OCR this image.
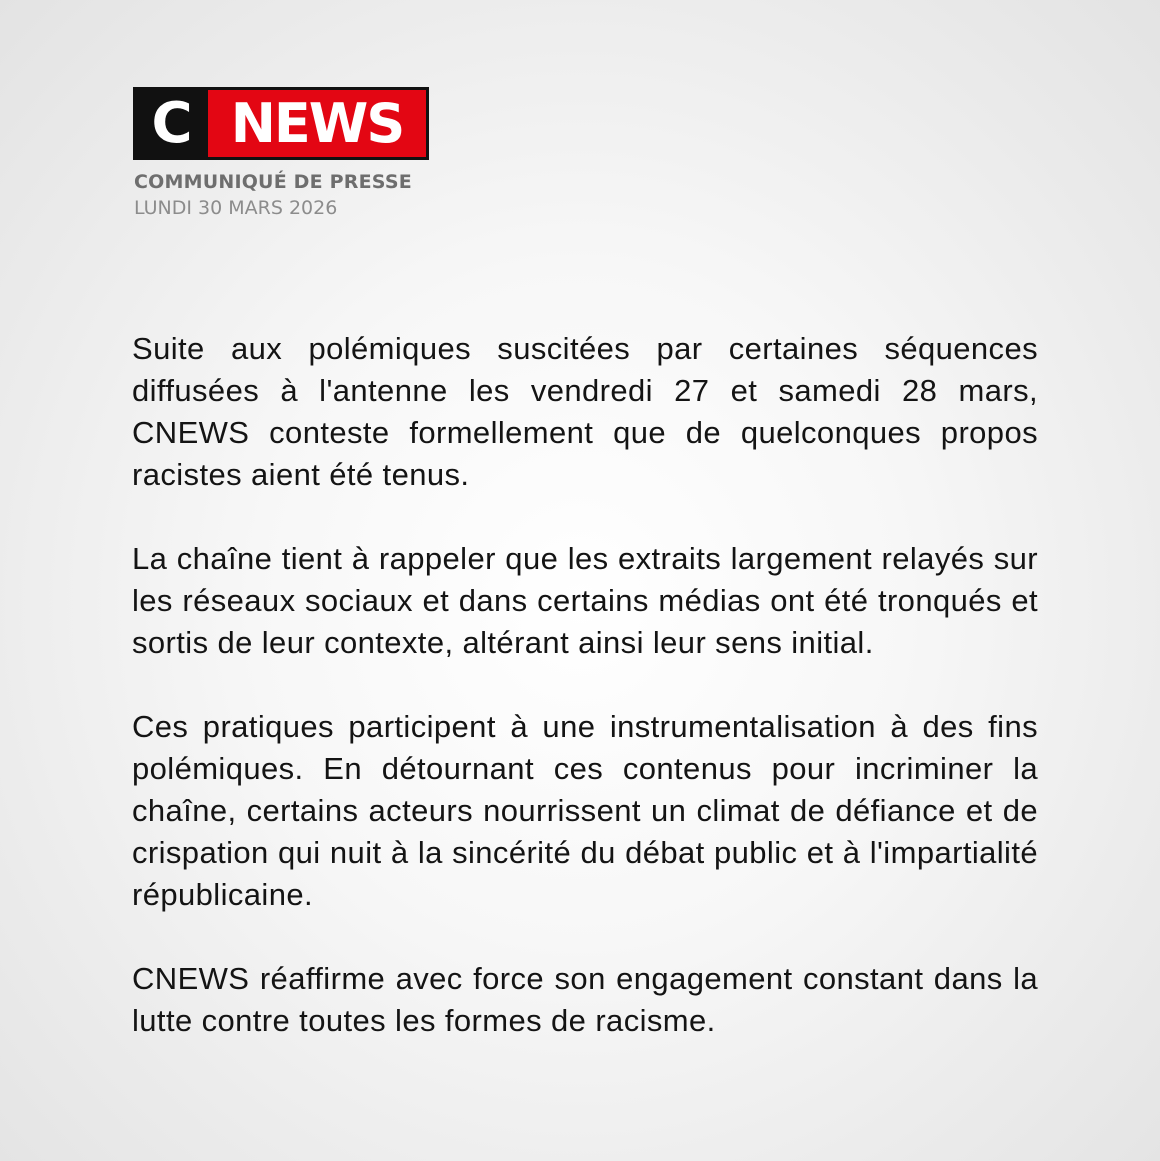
C NEWS
COMMUNIQUÉ DE PRESSE
LUNDI 30 MARS 2026

Suite aux polémiques suscitées par certaines séquences diffusées à l'antenne les vendredi 27 et samedi 28 mars, CNEWS conteste formellement que de quelconques propos racistes aient été tenus.

La chaîne tient à rappeler que les extraits largement relayés sur les réseaux sociaux et dans certains médias ont été tronqués et sortis de leur contexte, altérant ainsi leur sens initial.

Ces pratiques participent à une instrumentalisation à des fins polémiques. En détournant ces contenus pour incriminer la chaîne, certains acteurs nourrissent un climat de défiance et de crispation qui nuit à la sincérité du débat public et à l'impartialité républicaine.

CNEWS réaffirme avec force son engagement constant dans la lutte contre toutes les formes de racisme.
